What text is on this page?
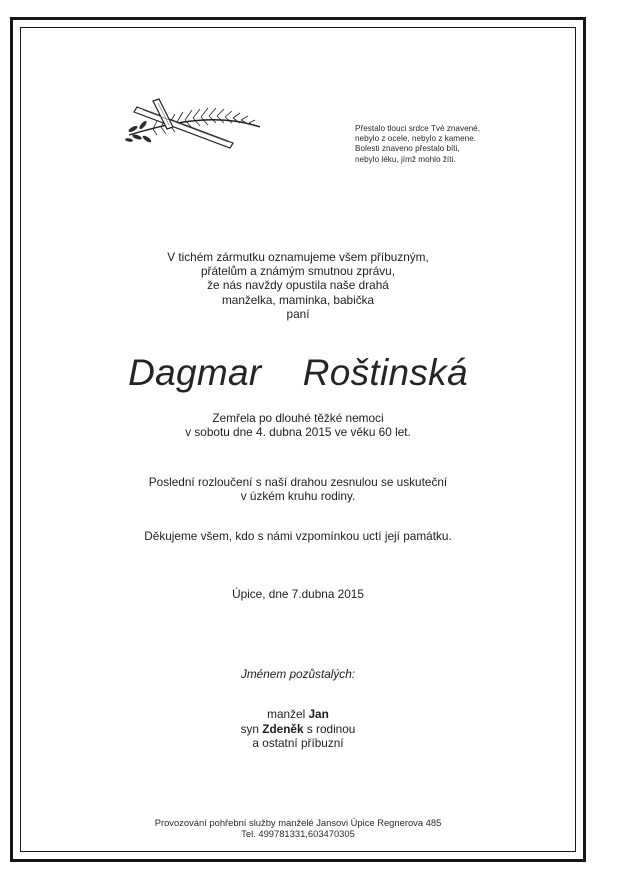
Přestalo tlouci srdce Tvé znavené,
nebylo z ocele, nebylo z kamene.
Bolesti znaveno přestalo bíti,
nebylo léku, jímž mohlo žíti.
V tichém zármutku oznamujeme všem příbuzným,
přátelům a známým smutnou zprávu,
že nás navždy opustila naše drahá
manželka, maminka, babička
paní
Dagmar  Roštinská
Zemřela po dlouhé těžké nemoci
v sobotu dne 4. dubna 2015 ve věku 60 let.
Poslední rozloučení s naší drahou zesnulou se uskuteční
v úzkém kruhu rodiny.
Děkujeme všem, kdo s námi vzpomínkou uctí její památku.
Úpice, dne 7.dubna 2015
Jménem pozůstalých:
manžel Jan
syn Zdeněk s rodinou
a ostatní příbuzní
Provozování pohřební služby manželé Jansovi Úpice Regnerova 485
Tel. 499781331,603470305
